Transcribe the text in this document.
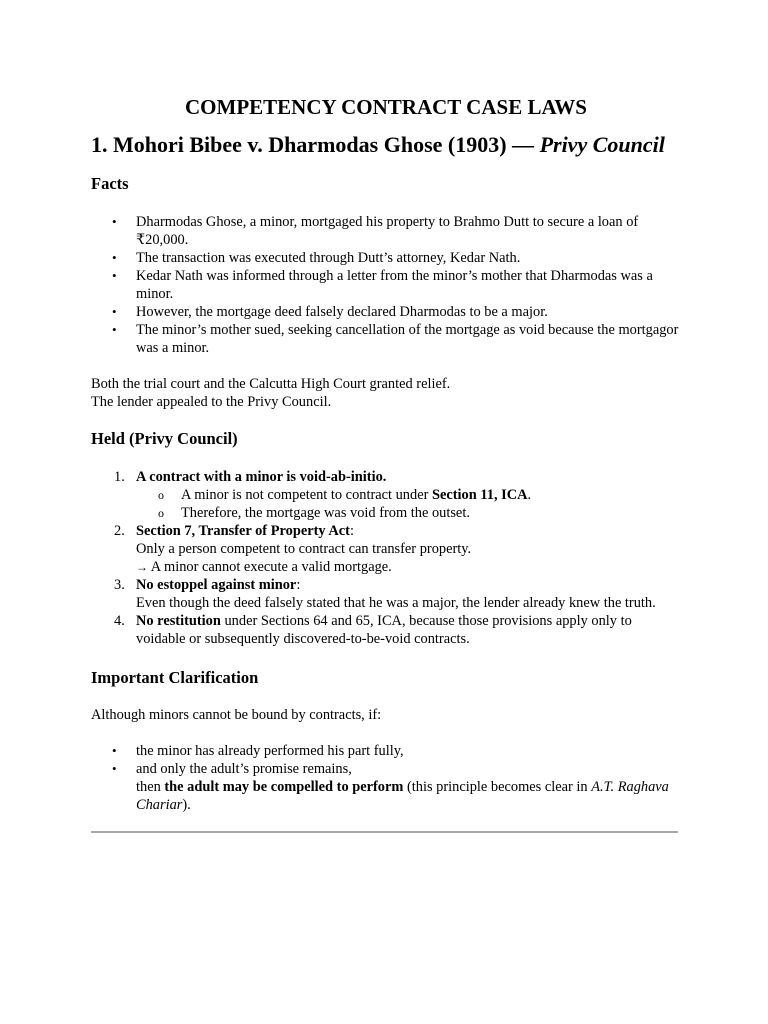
COMPETENCY CONTRACT CASE LAWS
1. Mohori Bibee v. Dharmodas Ghose (1903) — Privy Council
Facts
• Dharmodas Ghose, a minor, mortgaged his property to Brahmo Dutt to secure a loan of ₹20,000.
• The transaction was executed through Dutt’s attorney, Kedar Nath.
• Kedar Nath was informed through a letter from the minor’s mother that Dharmodas was a minor.
• However, the mortgage deed falsely declared Dharmodas to be a major.
• The minor’s mother sued, seeking cancellation of the mortgage as void because the mortgagor was a minor.

Both the trial court and the Calcutta High Court granted relief.

The lender appealed to the Privy Council.

Held (Privy Council)
1. A contract with a minor is void-ab-initio.
o A minor is not competent to contract under Section 11, ICA.
o Therefore, the mortgage was void from the outset.
2. Section 7, Transfer of Property Act:
Only a person competent to contract can transfer property.
→ A minor cannot execute a valid mortgage.
3. No estoppel against minor:
Even though the deed falsely stated that he was a major, the lender already knew the truth.
4. No restitution under Sections 64 and 65, ICA, because those provisions apply only to voidable or subsequently discovered-to-be-void contracts.
Important Clarification

Although minors cannot be bound by contracts, if:

• the minor has already performed his part fully,
• and only the adult’s promise remains,
then the adult may be compelled to perform (this principle becomes clear in A.T. Raghava Chariar).
